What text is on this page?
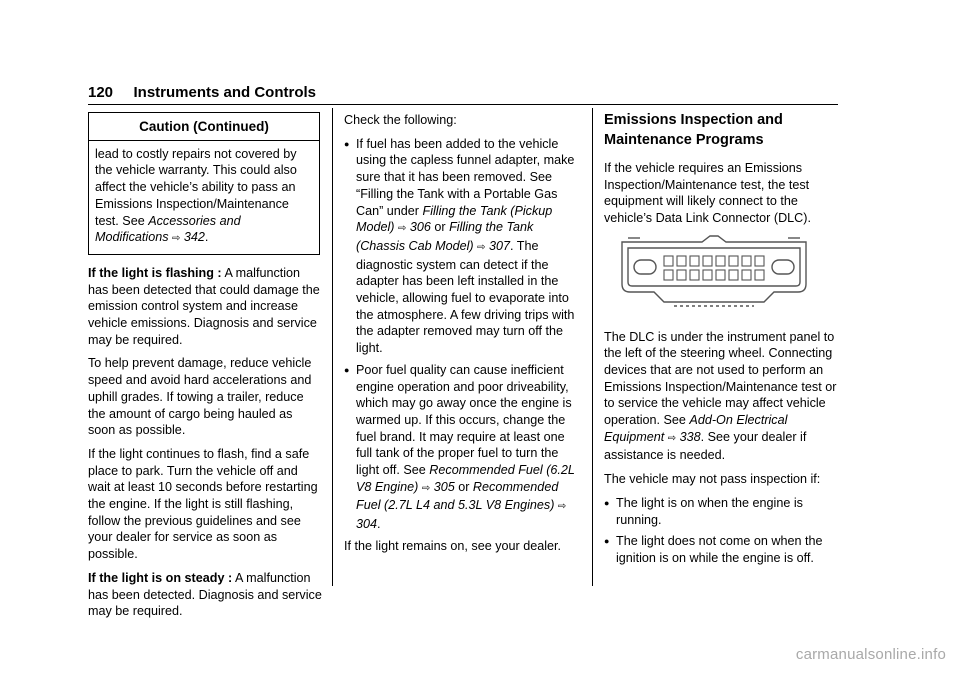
120 Instruments and Controls
Caution (Continued)
lead to costly repairs not covered by the vehicle warranty. This could also affect the vehicle’s ability to pass an Emissions Inspection/Maintenance test. See Accessories and Modifications ⇨ 342.

If the light is flashing : A malfunction has been detected that could damage the emission control system and increase vehicle emissions. Diagnosis and service may be required.

To help prevent damage, reduce vehicle speed and avoid hard accelerations and uphill grades. If towing a trailer, reduce the amount of cargo being hauled as soon as possible.

If the light continues to flash, find a safe place to park. Turn the vehicle off and wait at least 10 seconds before restarting the engine. If the light is still flashing, follow the previous guidelines and see your dealer for service as soon as possible.

If the light is on steady : A malfunction has been detected. Diagnosis and service may be required.

Check the following:

● If fuel has been added to the vehicle using the capless funnel adapter, make sure that it has been removed. See “Filling the Tank with a Portable Gas Can” under Filling the Tank (Pickup Model) ⇨ 306 or Filling the Tank (Chassis Cab Model) ⇨ 307. The diagnostic system can detect if the adapter has been left installed in the vehicle, allowing fuel to evaporate into the atmosphere. A few driving trips with the adapter removed may turn off the light.
● Poor fuel quality can cause inefficient engine operation and poor driveability, which may go away once the engine is warmed up. If this occurs, change the fuel brand. It may require at least one full tank of the proper fuel to turn the light off. See Recommended Fuel (6.2L V8 Engine) ⇨ 305 or Recommended Fuel (2.7L L4 and 5.3L V8 Engines) ⇨ 304.

If the light remains on, see your dealer.

Emissions Inspection and Maintenance Programs

If the vehicle requires an Emissions Inspection/Maintenance test, the test equipment will likely connect to the vehicle’s Data Link Connector (DLC).

The DLC is under the instrument panel to the left of the steering wheel. Connecting devices that are not used to perform an Emissions Inspection/Maintenance test or to service the vehicle may affect vehicle operation. See Add-On Electrical Equipment ⇨ 338. See your dealer if assistance is needed.

The vehicle may not pass inspection if:

● The light is on when the engine is running.
● The light does not come on when the ignition is on while the engine is off.
carmanualsonline.info
